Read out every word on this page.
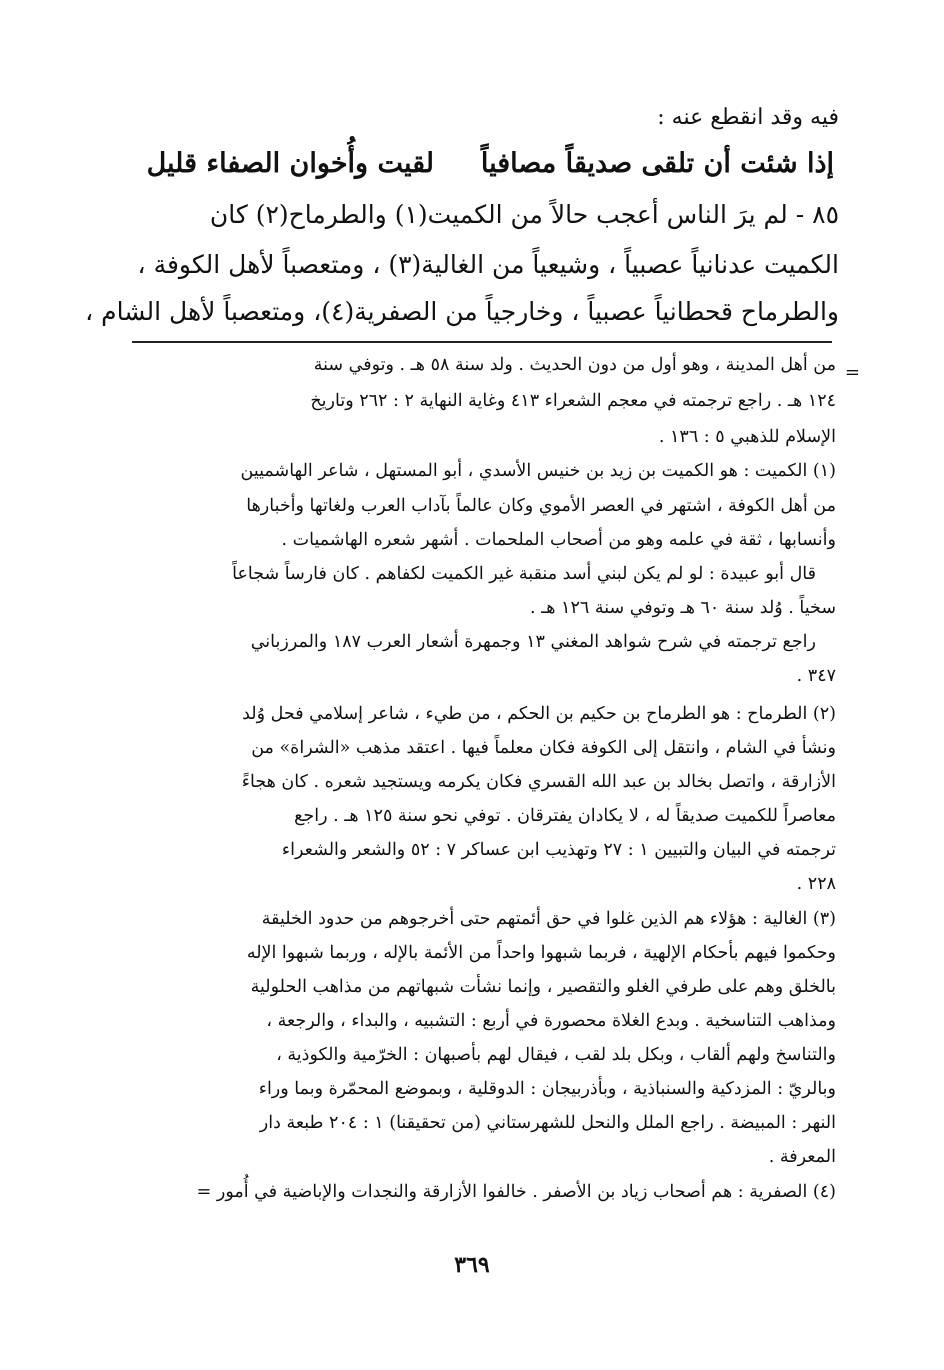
فيه وقد انقطع عنه :
إذا شئت أن تلقى صديقاً مصافياً
لقيت وأُخوان الصفاء قليل
٨٥ - لم يرَ الناس أعجب حالاً من الكميت(١) والطرماح(٢) كان
الكميت عدنانياً عصبياً ، وشيعياً من الغالية(٣) ، ومتعصباً لأهل الكوفة ،
والطرماح قحطانياً عصبياً ، وخارجياً من الصفرية(٤)، ومتعصباً لأهل الشام ،
=
من أهل المدينة ، وهو أول من دون الحديث . ولد سنة ٥٨ هـ . وتوفي سنة
١٢٤ هـ . راجع ترجمته في معجم الشعراء ٤١٣ وغاية النهاية ٢ : ٢٦٢ وتاريخ
الإسلام للذهبي ٥ : ١٣٦ .
(١) الكميت : هو الكميت بن زيد بن خنيس الأسدي ، أبو المستهل ، شاعر الهاشميين
من أهل الكوفة ، اشتهر في العصر الأموي وكان عالماً بآداب العرب ولغاتها وأخبارها
وأنسابها ، ثقة في علمه وهو من أصحاب الملحمات . أشهر شعره الهاشميات .
قال أبو عبيدة : لو لم يكن لبني أسد منقبة غير الكميت لكفاهم . كان فارساً شجاعاً
سخياً . وُلد سنة ٦٠ هـ وتوفي سنة ١٢٦ هـ .
راجع ترجمته في شرح شواهد المغني ١٣ وجمهرة أشعار العرب ١٨٧ والمرزباني
٣٤٧ .
(٢) الطرماح : هو الطرماح بن حكيم بن الحكم ، من طيء ، شاعر إسلامي فحل وُلد
ونشأ في الشام ، وانتقل إلى الكوفة فكان معلماً فيها . اعتقد مذهب «الشراة» من
الأزارقة ، واتصل بخالد بن عبد الله القسري فكان يكرمه ويستجيد شعره . كان هجاءً
معاصراً للكميت صديقاً له ، لا يكادان يفترقان . توفي نحو سنة ١٢٥ هـ . راجع
ترجمته في البيان والتبيين ١ : ٢٧ وتهذيب ابن عساكر ٧ : ٥٢ والشعر والشعراء
٢٢٨ .
(٣) الغالية : هؤلاء هم الذين غلوا في حق أئمتهم حتى أخرجوهم من حدود الخليقة
وحكموا فيهم بأحكام الإلهية ، فربما شبهوا واحداً من الأئمة بالإله ، وربما شبهوا الإله
بالخلق وهم على طرفي الغلو والتقصير ، وإنما نشأت شبهاتهم من مذاهب الحلولية
ومذاهب التناسخية . وبدع الغلاة محصورة في أربع : التشبيه ، والبداء ، والرجعة ،
والتناسخ ولهم ألقاب ، وبكل بلد لقب ، فيقال لهم بأصبهان : الخرّمية والكوذية ،
وبالريّ : المزدكية والسنباذية ، وبأذربيجان : الدوقلية ، وبموضع المحمّرة وبما وراء
النهر : المبيضة . راجع الملل والنحل للشهرستاني (من تحقيقنا) ١ : ٢٠٤ طبعة دار
المعرفة .
(٤) الصفرية : هم أصحاب زياد بن الأصفر . خالفوا الأزارقة والنجدات والإباضية في أُمور =
٣٦٩
